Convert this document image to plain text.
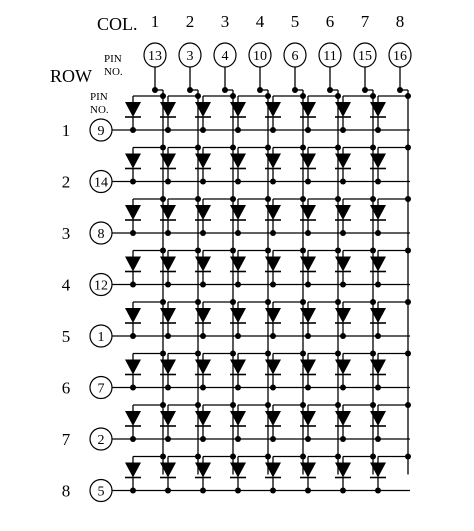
COL.
ROW
PIN
NO.
PIN
NO.
1
13
2
3
3
4
4
10
5
6
6
11
7
15
8
16
1 9
2 14
3 8
4 12
5 1
6 7
7 2
8 5
